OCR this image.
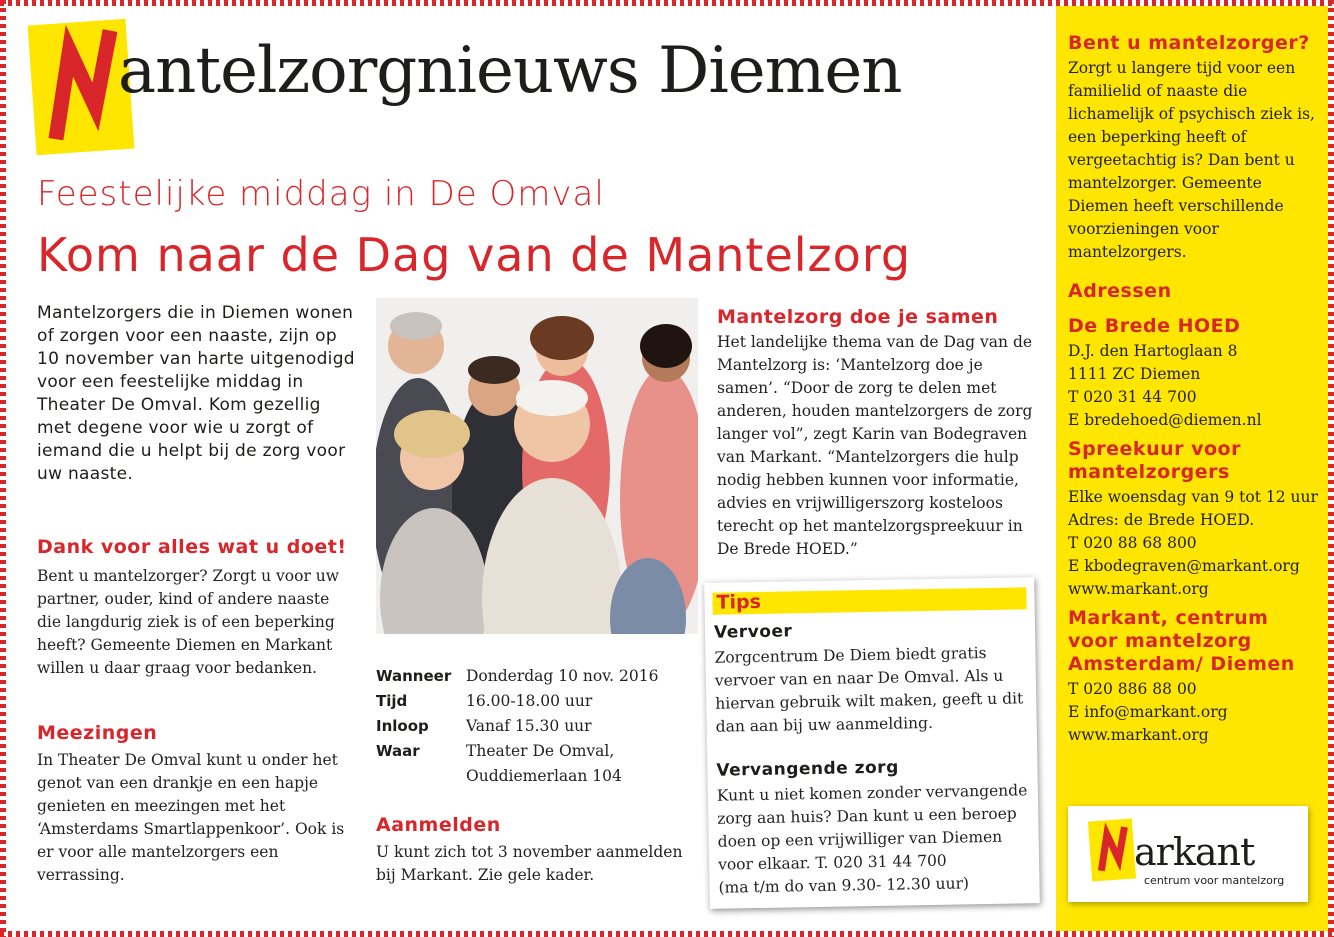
antelzorgnieuws Diemen
Feestelijke middag in De Omval
Kom naar de Dag van de Mantelzorg
Mantelzorgers die in Diemen wonen of zorgen voor een naaste, zijn op 10 november van harte uitgenodigd voor een feestelijke middag in Theater De Omval. Kom gezellig met degene voor wie u zorgt of iemand die u helpt bij de zorg voor uw naaste.
Dank voor alles wat u doet!
Bent u mantelzorger? Zorgt u voor uw partner, ouder, kind of andere naaste die langdurig ziek is of een beperking heeft? Gemeente Diemen en Markant willen u daar graag voor bedanken.
Meezingen
In Theater De Omval kunt u onder het genot van een drankje en een hapje genieten en meezingen met het ‘Amsterdams Smartlappenkoor’. Ook is er voor alle mantelzorgers een verrassing.
Wanneer Donderdag 10 nov. 2016
Tijd	16.00-18.00 uur
Inloop	Vanaf 15.30 uur
Waar	Theater De Omval,
Ouddiemerlaan 104
Aanmelden
U kunt zich tot 3 november aanmelden bij Markant. Zie gele kader.
Mantelzorg doe je samen
Het landelijke thema van de Dag van de Mantelzorg is: ‘Mantelzorg doe je samen’. “Door de zorg te delen met anderen, houden mantelzorgers de zorg langer vol”, zegt Karin van Bodegraven van Markant. “Mantelzorgers die hulp nodig hebben kunnen voor informatie, advies en vrijwilligerszorg kosteloos terecht op het mantelzorgspreekuur in De Brede HOED.”
Tips
Vervoer
Zorgcentrum De Diem biedt gratis vervoer van en naar De Omval. Als u hiervan gebruik wilt maken, geeft u dit dan aan bij uw aanmelding.
Vervangende zorg
Kunt u niet komen zonder vervangende zorg aan huis? Dan kunt u een beroep doen op een vrijwilliger van Diemen voor elkaar. T. 020 31 44 700
(ma t/m do van 9.30- 12.30 uur)
Bent u mantelzorger?
Zorgt u langere tijd voor een familielid of naaste die lichamelijk of psychisch ziek is, een beperking heeft of vergeetachtig is? Dan bent u mantelzorger. Gemeente Diemen heeft verschillende voorzieningen voor mantelzorgers.
Adressen
De Brede HOED
D.J. den Hartoglaan 8
1111 ZC Diemen
T 020 31 44 700
E bredehoed@diemen.nl
Spreekuur voor mantelzorgers
Elke woensdag van 9 tot 12 uur
Adres: de Brede HOED.
T 020 88 68 800
E kbodegraven@markant.org
www.markant.org
Markant, centrum voor mantelzorg Amsterdam/ Diemen
T 020 886 88 00
E info@markant.org
www.markant.org
arkant
centrum voor mantelzorg
